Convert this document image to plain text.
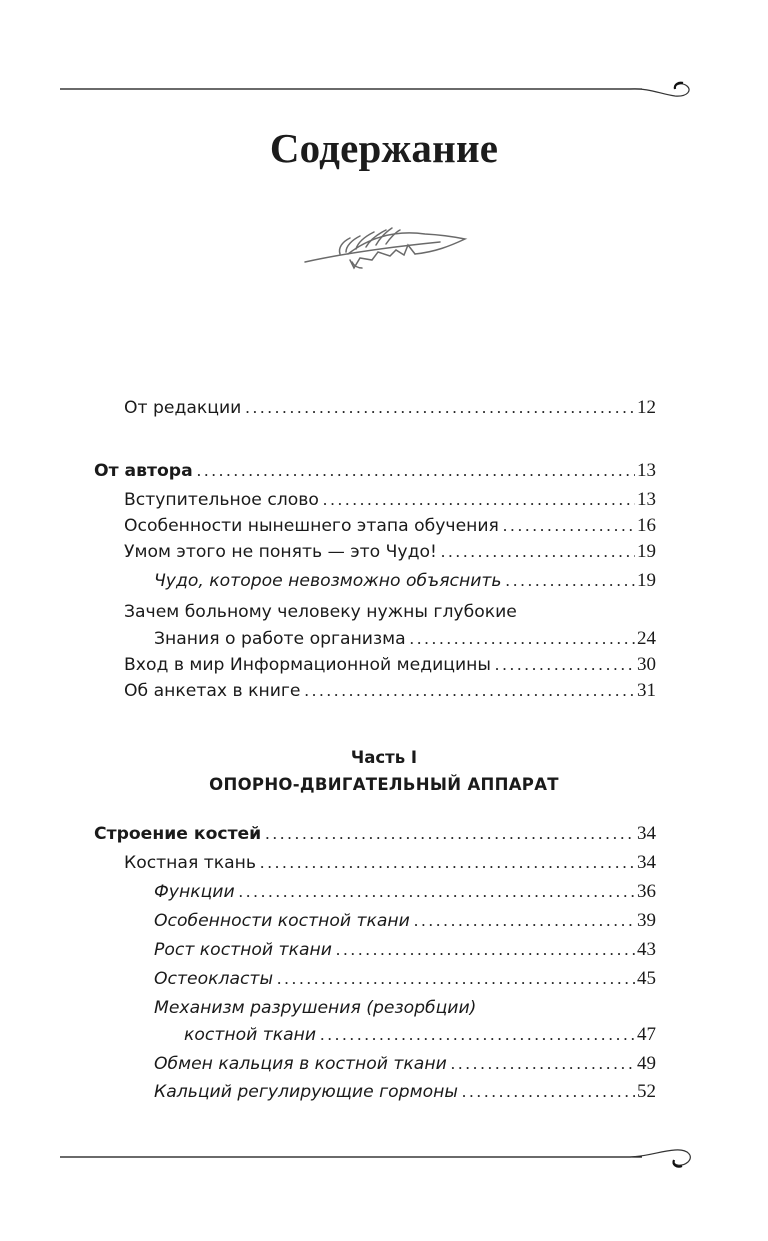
Содержание
От редакции . . .	12
От автора . . .	13
Вступительное слово . . .	13
Особенности нынешнего этапа обучения . . .	16
Умом этого не понять — это Чудо! . . .	19
Чудо, которое невозможно объяснить . . .	19
Зачем больному человеку нужны глубокие
Знания о работе организма . . .	24
Вход в мир Информационной медицины . . .	30
Об анкетах в книге . . .	31
Часть I
ОПОРНО-ДВИГАТЕЛЬНЫЙ АППАРАТ
Строение костей . . .	34
Костная ткань . . .	34
Функции . . .	36
Особенности костной ткани . . .	39
Рост костной ткани . . .	43
Остеокласты . . .	45
Механизм разрушения (резорбции)
костной ткани . . .	47
Обмен кальция в костной ткани . . .	49
Кальций регулирующие гормоны . . .	52
